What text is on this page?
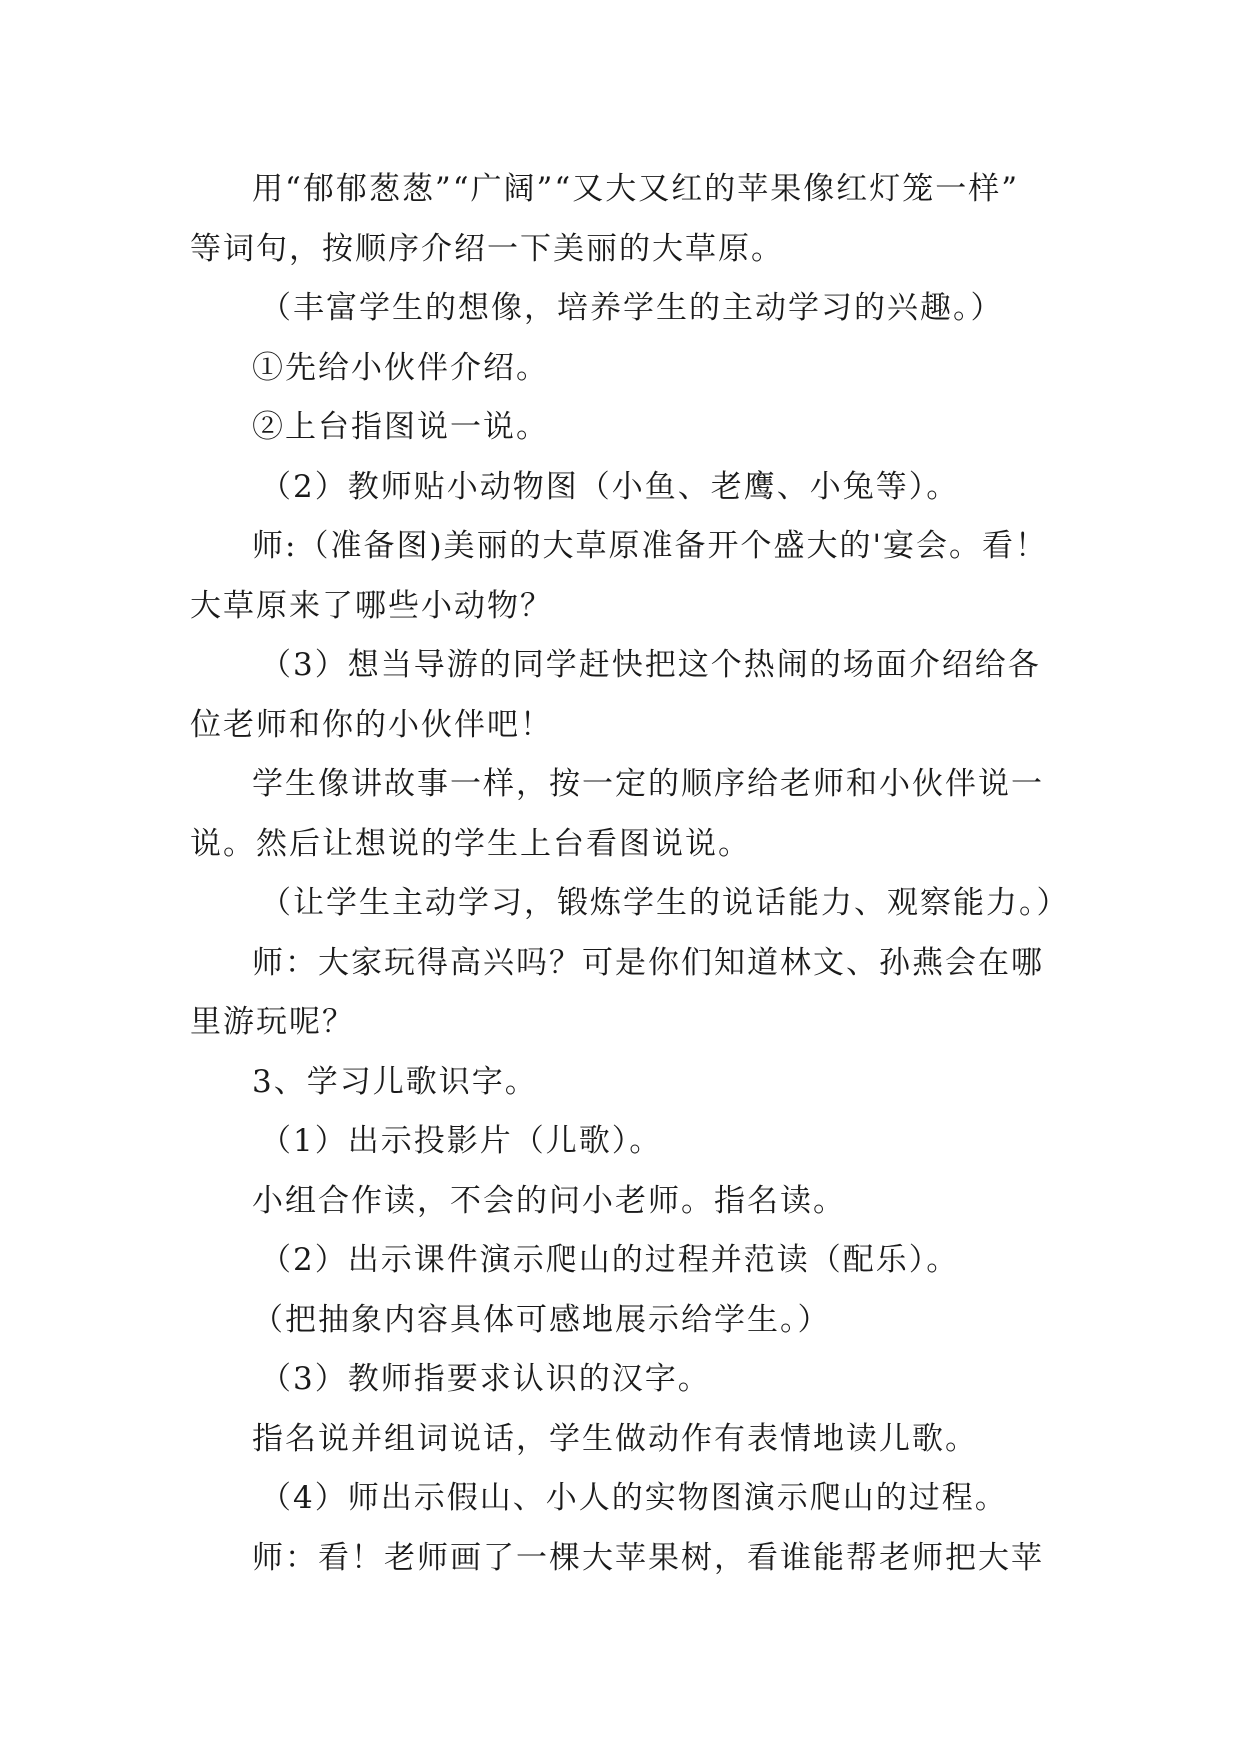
用“郁郁葱葱”“广阔”“又大又红的苹果像红灯笼一样”
等词句，按顺序介绍一下美丽的大草原。
（丰富学生的想像，培养学生的主动学习的兴趣。）
①先给小伙伴介绍。
②上台指图说一说。
（2）教师贴小动物图（小鱼、老鹰、小兔等）。
师:（准备图)美丽的大草原准备开个盛大的'宴会。看！
大草原来了哪些小动物？
（3）想当导游的同学赶快把这个热闹的场面介绍给各
位老师和你的小伙伴吧！
学生像讲故事一样，按一定的顺序给老师和小伙伴说一
说。然后让想说的学生上台看图说说。
（让学生主动学习，锻炼学生的说话能力、观察能力。）
师：大家玩得高兴吗？可是你们知道林文、孙燕会在哪
里游玩呢？
3、学习儿歌识字。
（1）出示投影片（儿歌）。
小组合作读，不会的问小老师。指名读。
（2）出示课件演示爬山的过程并范读（配乐）。
（把抽象内容具体可感地展示给学生。）
（3）教师指要求认识的汉字。
指名说并组词说话，学生做动作有表情地读儿歌。
（4）师出示假山、小人的实物图演示爬山的过程。
师：看！老师画了一棵大苹果树，看谁能帮老师把大苹
